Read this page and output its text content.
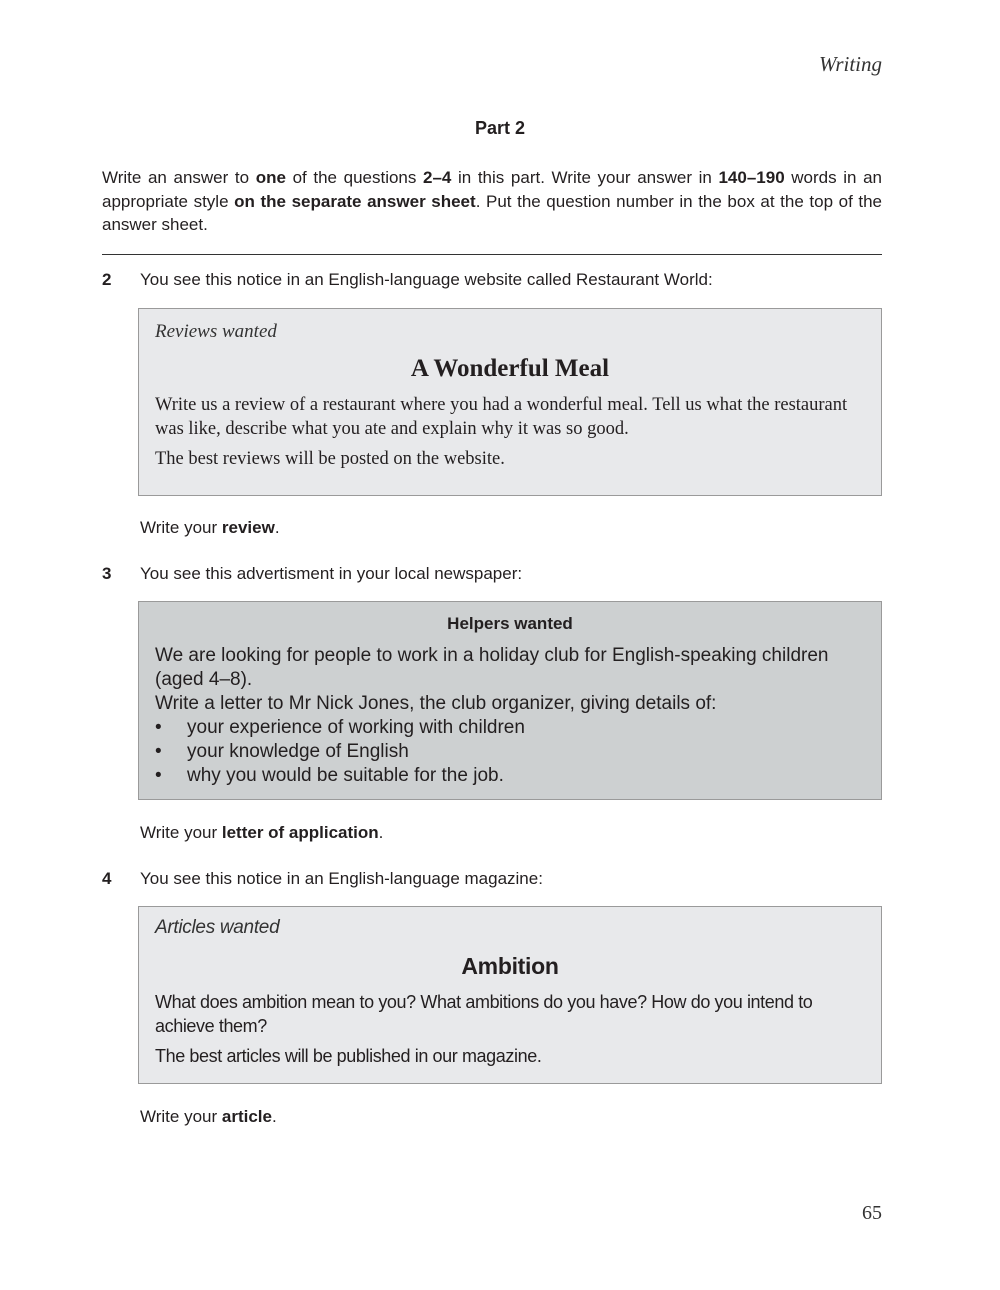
Writing
Part 2
Write an answer to one of the questions 2–4 in this part. Write your answer in 140–190 words in an appropriate style on the separate answer sheet. Put the question number in the box at the top of the answer sheet.
2 You see this notice in an English-language website called Restaurant World:
Reviews wanted
A Wonderful Meal

Write us a review of a restaurant where you had a wonderful meal. Tell us what the restaurant was like, describe what you ate and explain why it was so good.

The best reviews will be posted on the website.

Write your review.
3 You see this advertisment in your local newspaper:
Helpers wanted
We are looking for people to work in a holiday club for English-speaking children (aged 4–8).
Write a letter to Mr Nick Jones, the club organizer, giving details of:
• your experience of working with children
• your knowledge of English
• why you would be suitable for the job.
Write your letter of application.
4 You see this notice in an English-language magazine:
Articles wanted
Ambition

What does ambition mean to you? What ambitions do you have? How do you intend to achieve them?

The best articles will be published in our magazine.

Write your article.
65
